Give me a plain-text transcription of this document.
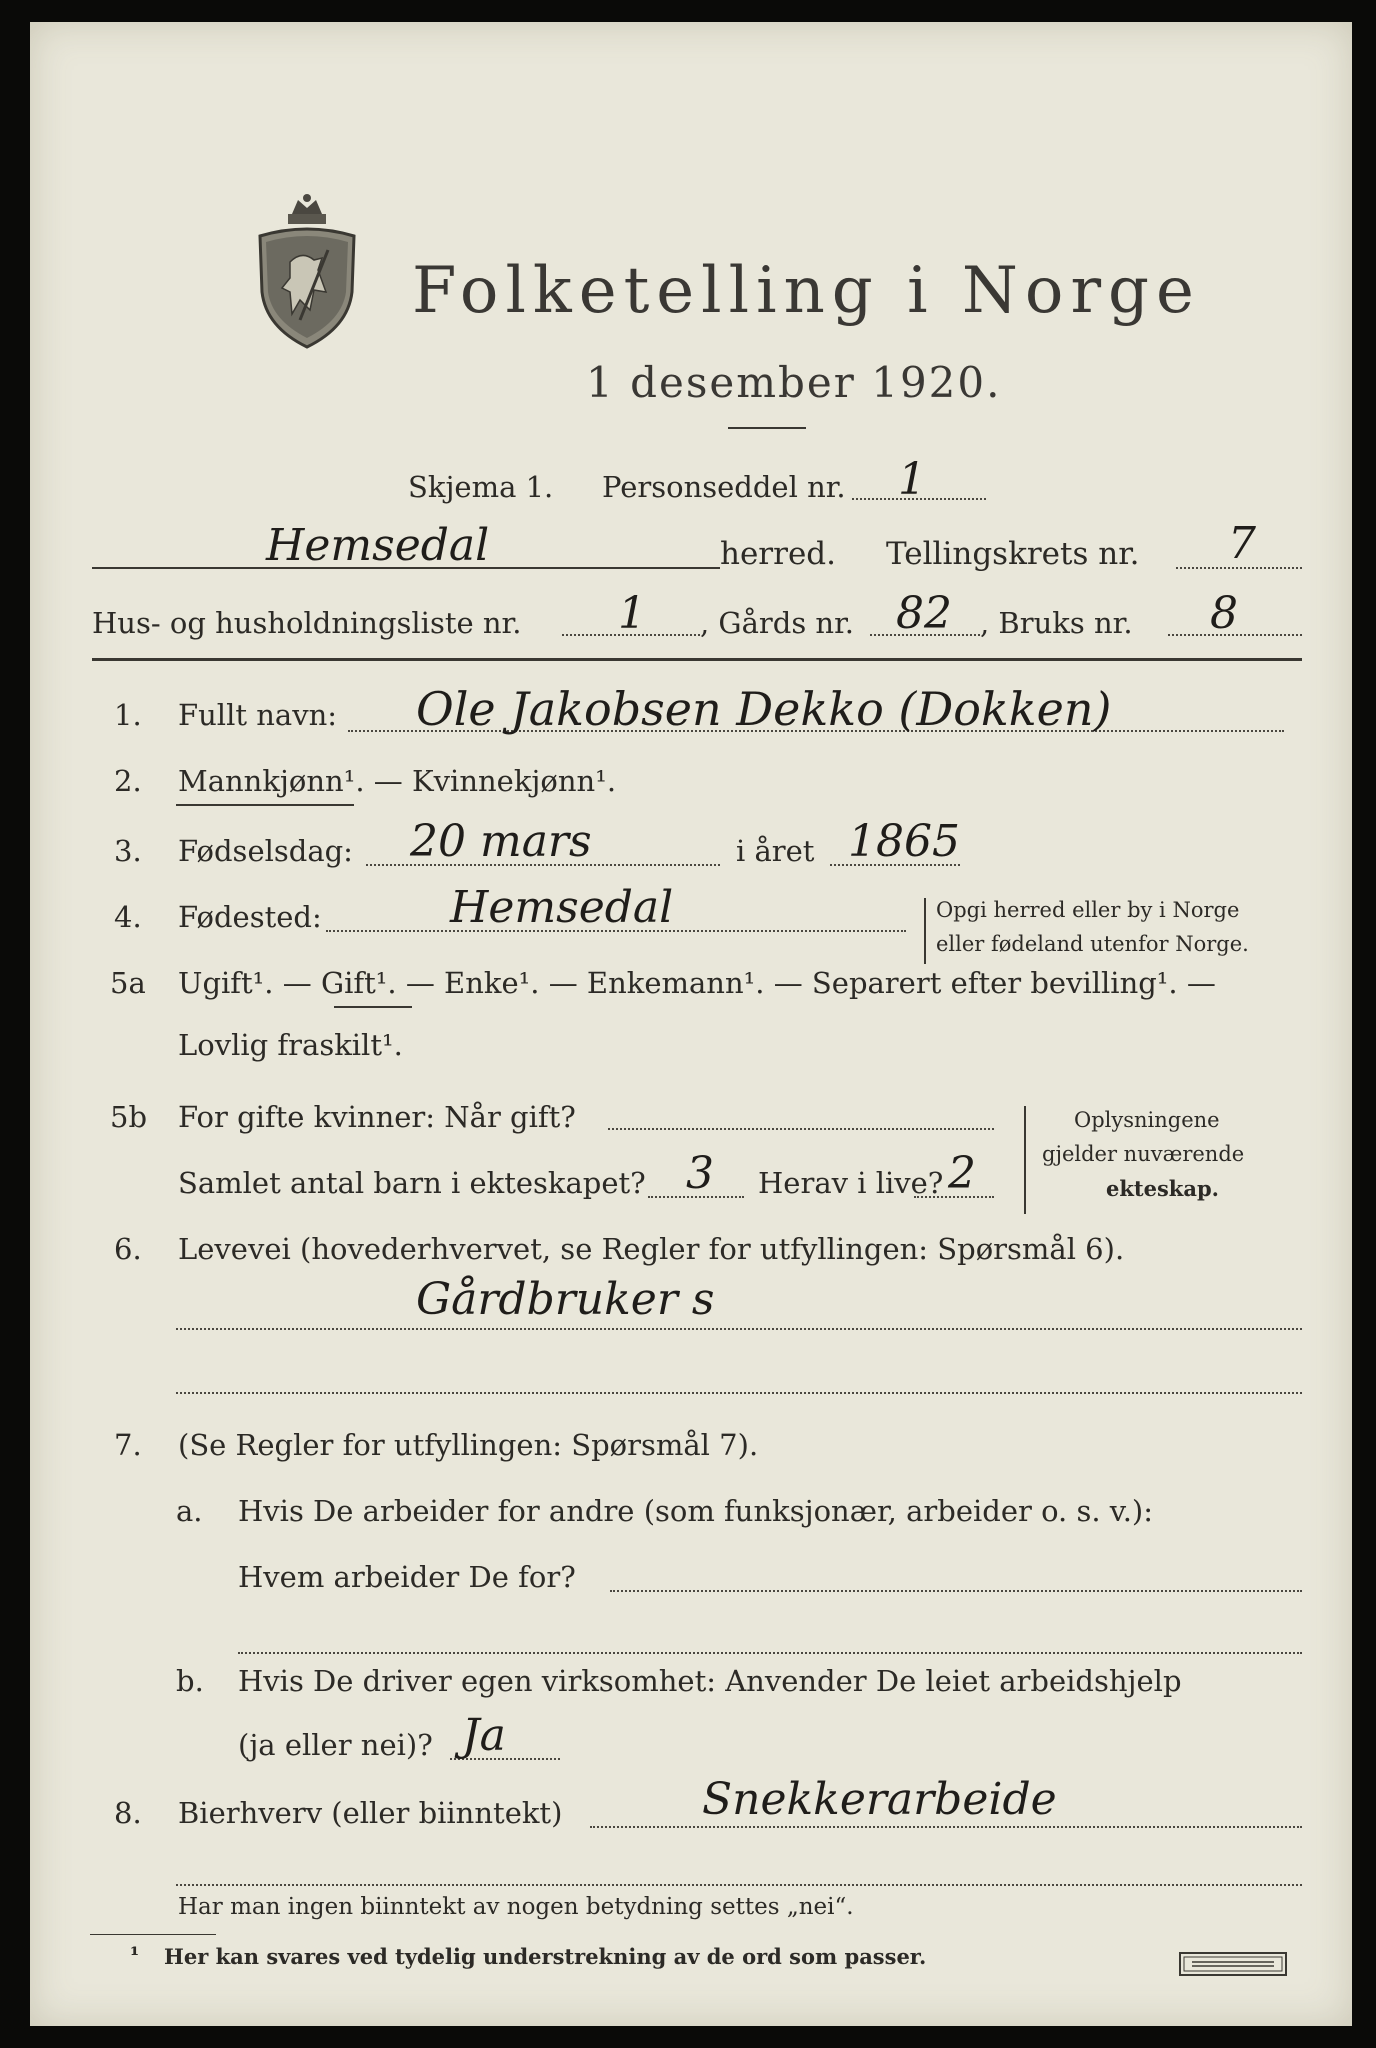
Folketelling i Norge
1 desember 1920.
Skjema 1. Personseddel nr. 1
Hemsedal	herred. Tellingskrets nr. 7
Hus- og husholdningsliste nr. 1 , Gårds nr. 82 , Bruks nr. 8
1. Fullt navn: Ole Jakobsen Dekko (Dokken)
2. Mannkjønn¹. — Kvinnekjønn¹.
3. Fødselsdag: 20 mars	i året 1865
4. Fødested:	Hemsedal	Opgi herred eller by i Norge
eller fødeland utenfor Norge.
5a Ugift¹. — Gift¹. — Enke¹. — Enkemann¹. — Separert efter bevilling¹. —
Lovlig fraskilt¹.
5b For gifte kvinner: Når gift?
Samlet antal barn i ekteskapet? 3 Herav i live? 2
Oplysningene
gjelder nuværende
ekteskap.
6. Levevei (hovederhvervet, se Regler for utfyllingen: Spørsmål 6).
Gårdbruker s
7. (Se Regler for utfyllingen: Spørsmål 7).
a. Hvis De arbeider for andre (som funksjonær, arbeider o. s. v.):
Hvem arbeider De for?
b. Hvis De driver egen virksomhet: Anvender De leiet arbeidshjelp
(ja eller nei)? Ja
8. Bierhverv (eller biinntekt)	Snekkerarbeide
Har man ingen biinntekt av nogen betydning settes „nei“.
¹ Her kan svares ved tydelig understrekning av de ord som passer.
